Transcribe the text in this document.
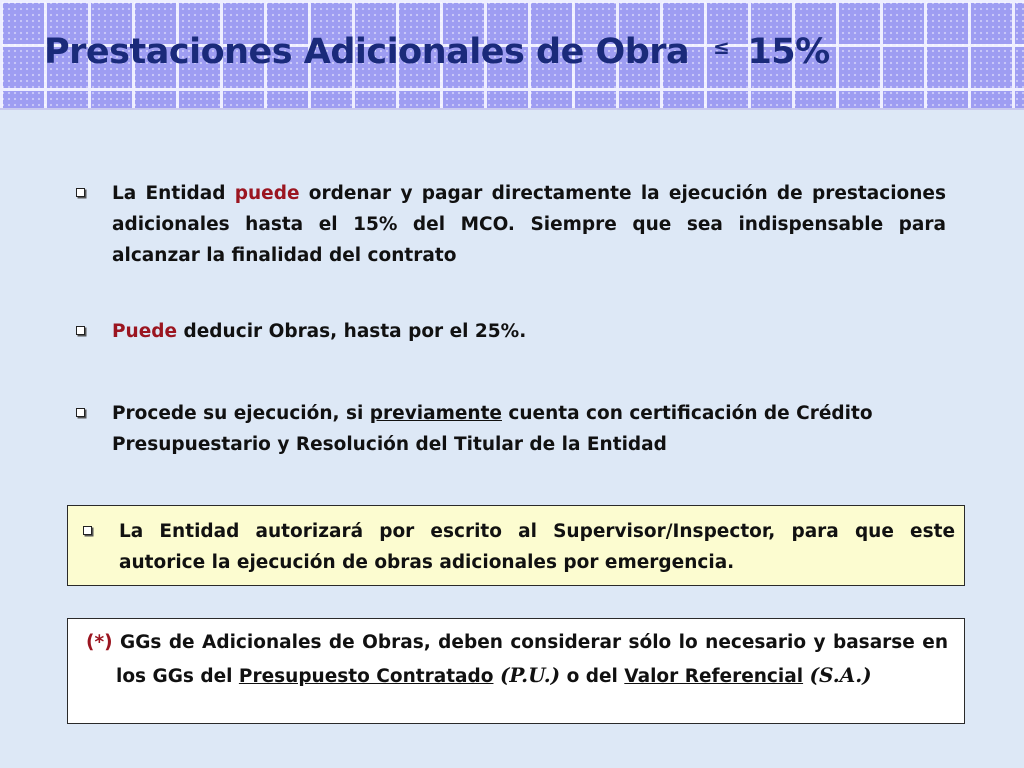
Prestaciones Adicionales de Obra ≤ 15%
La Entidad puede ordenar y pagar directamente la ejecución de prestaciones adicionales hasta el 15% del MCO. Siempre que sea indispensable para alcanzar la finalidad del contrato
Puede deducir Obras, hasta por el 25%.
Procede su ejecución, si previamente cuenta con certificación de Crédito Presupuestario y Resolución del Titular de la Entidad
La Entidad autorizará por escrito al Supervisor/Inspector, para que este autorice la ejecución de obras adicionales por emergencia.
(*) GGs de Adicionales de Obras, deben considerar sólo lo necesario y basarse en los GGs del Presupuesto Contratado (P.U.) o del Valor Referencial (S.A.)
